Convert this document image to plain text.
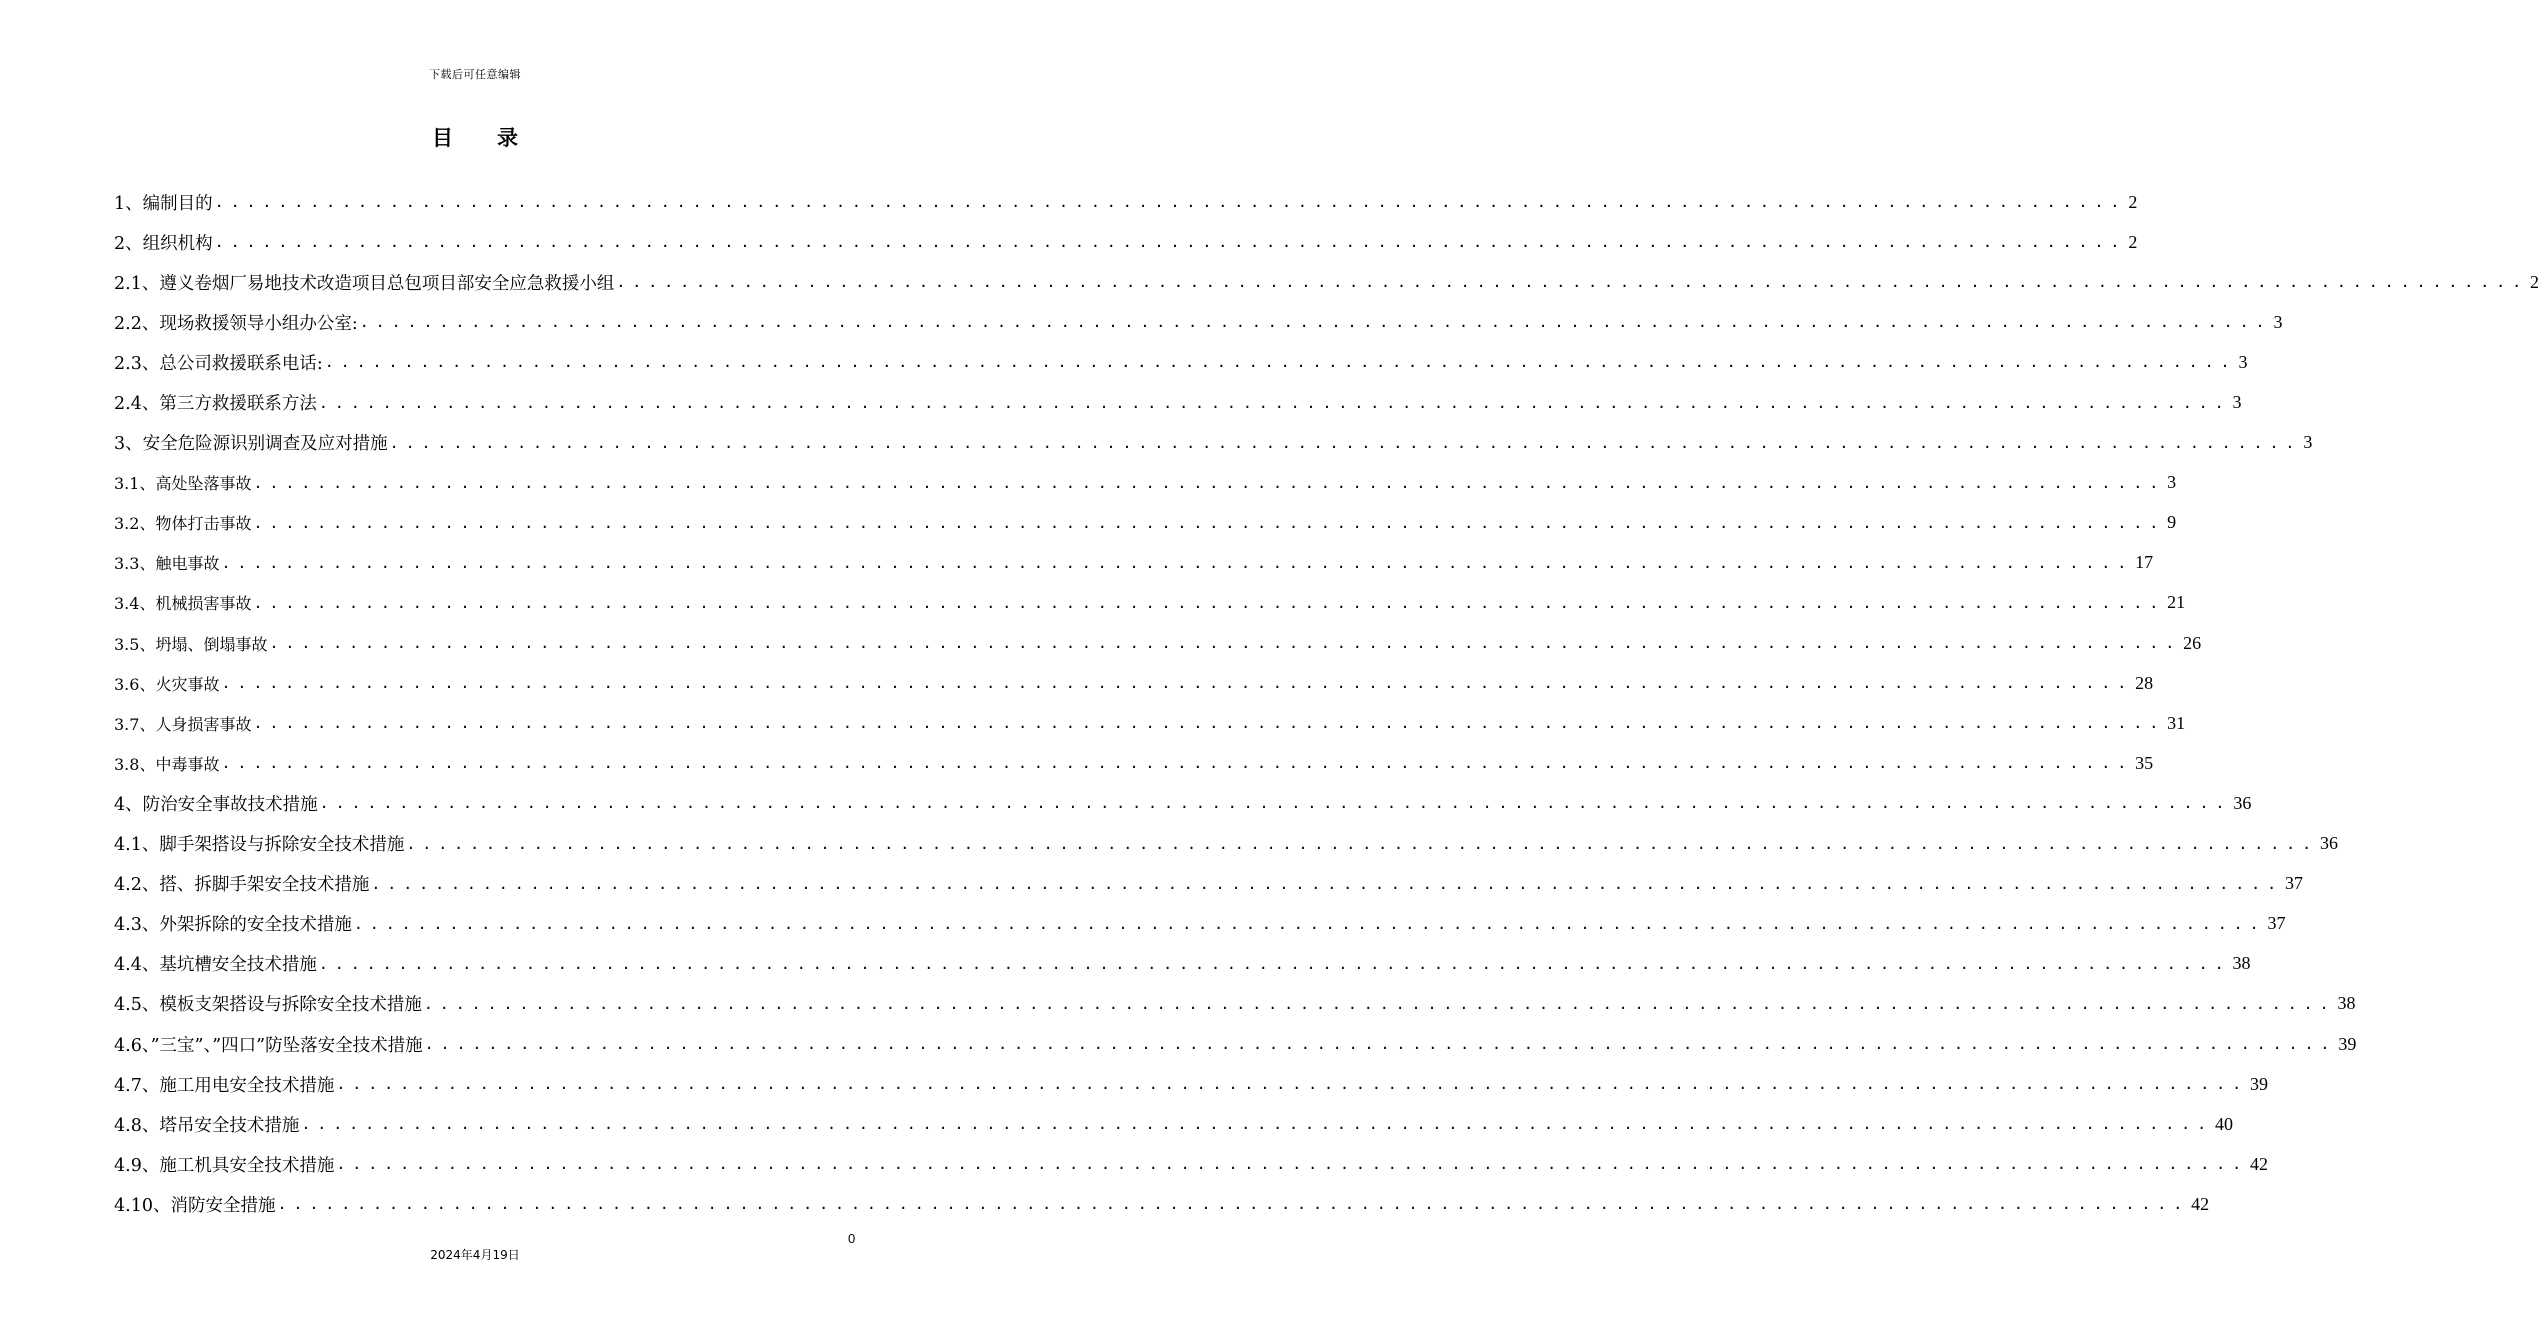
下载后可任意编辑
目录
1、编制目的 ........................................................................................................................ 2
2、组织机构 ........................................................................................................................ 2
2.1、遵义卷烟厂易地技术改造项目总包项目部安全应急救援小组 ........................................................................................................................ 2
2.2、现场救援领导小组办公室: ........................................................................................................................ 3
2.3、总公司救援联系电话: ........................................................................................................................ 3
2.4、第三方救援联系方法 ........................................................................................................................ 3
3、安全危险源识别调查及应对措施 ........................................................................................................................ 3
3.1、高处坠落事故 ........................................................................................................................ 3
3.2、物体打击事故 ........................................................................................................................ 9
3.3、触电事故 ........................................................................................................................ 17
3.4、机械损害事故 ........................................................................................................................ 21
3.5、坍塌、倒塌事故 ........................................................................................................................ 26
3.6、火灾事故 ........................................................................................................................ 28
3.7、人身损害事故 ........................................................................................................................ 31
3.8、中毒事故 ........................................................................................................................ 35
4、防治安全事故技术措施 ........................................................................................................................ 36
4.1、脚手架搭设与拆除安全技术措施 ........................................................................................................................ 36
4.2、搭、拆脚手架安全技术措施 ........................................................................................................................ 37
4.3、外架拆除的安全技术措施 ........................................................................................................................ 37
4.4、基坑槽安全技术措施 ........................................................................................................................ 38
4.5、模板支架搭设与拆除安全技术措施 ........................................................................................................................ 38
4.6、”三宝”、”四口”防坠落安全技术措施 ........................................................................................................................ 39
4.7、施工用电安全技术措施 ........................................................................................................................ 39
4.8、塔吊安全技术措施 ........................................................................................................................ 40
4.9、施工机具安全技术措施 ........................................................................................................................ 42
4.10、消防安全措施 ........................................................................................................................ 42
0
2024年4月19日
